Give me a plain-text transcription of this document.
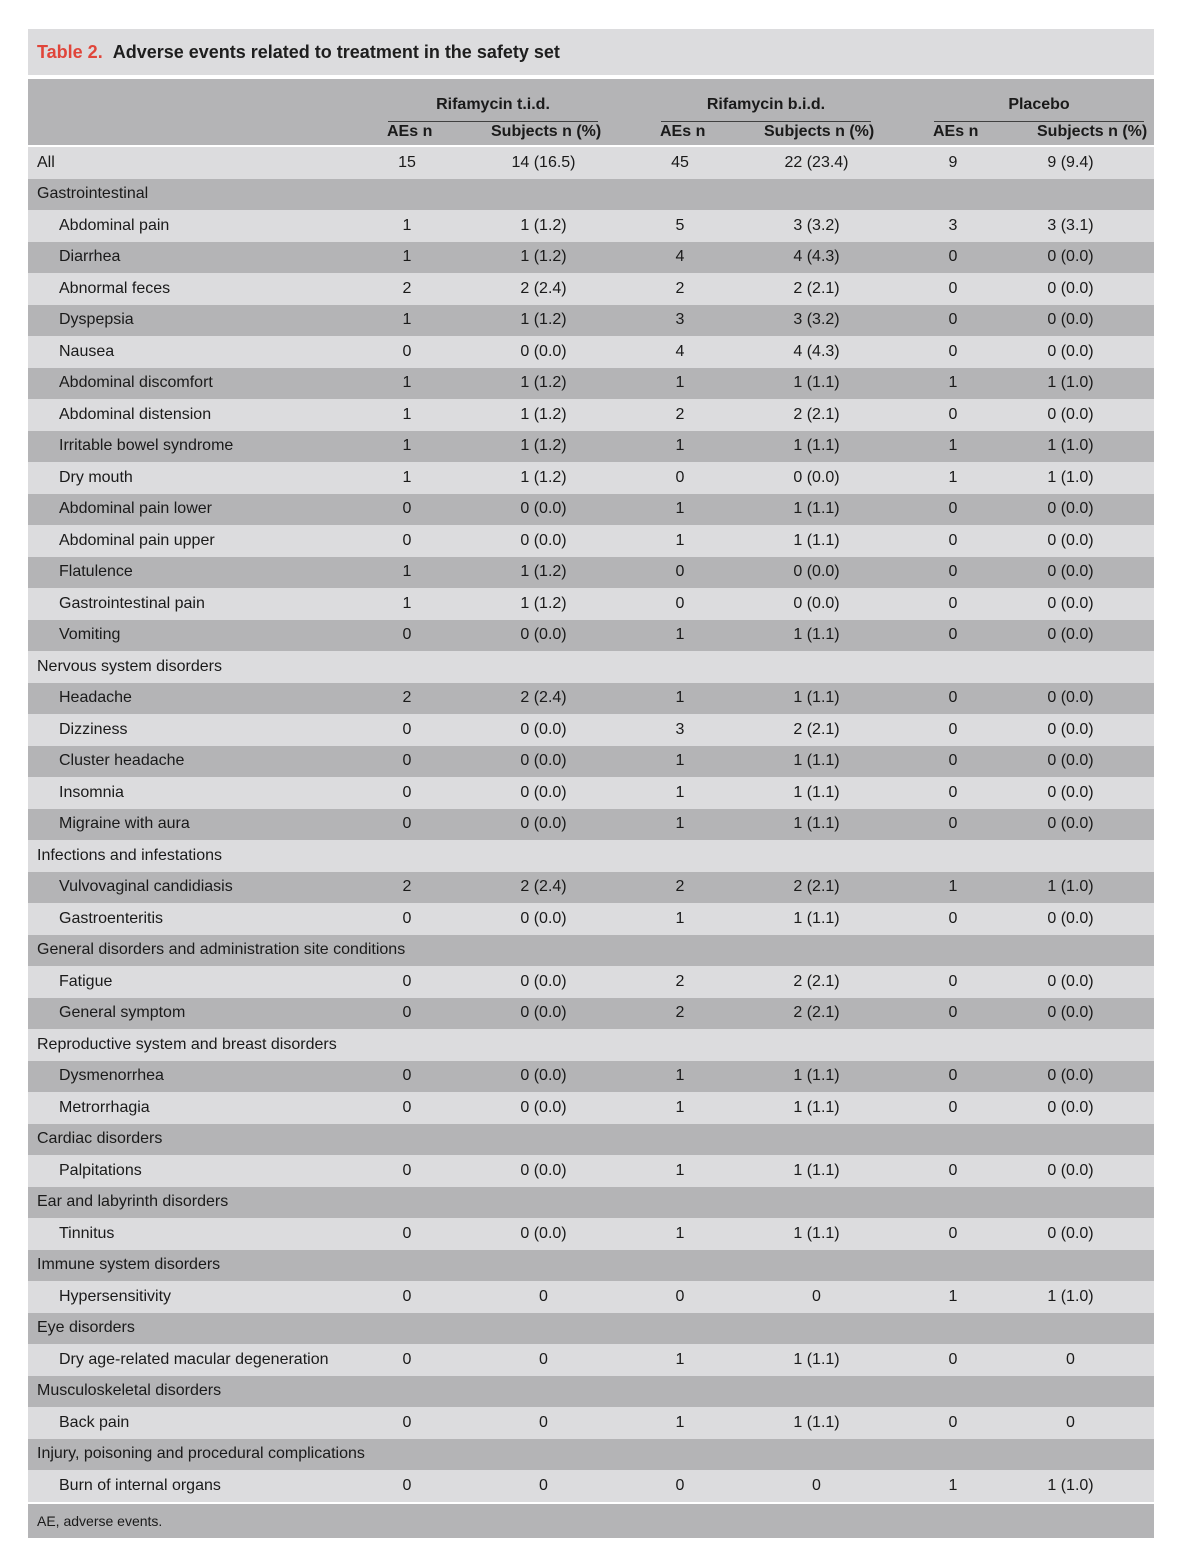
Table 2. Adverse events related to treatment in the safety set
Rifamycin t.i.d.	Rifamycin b.i.d.	Placebo
AEs n	Subjects n (%)	AEs n	Subjects n (%)	AEs n	Subjects n (%)
All	15	14 (16.5)	45	22 (23.4)	9	9 (9.4)
Gastrointestinal						
Abdominal pain	1	1 (1.2)	5	3 (3.2)	3	3 (3.1)
Diarrhea	1	1 (1.2)	4	4 (4.3)	0	0 (0.0)
Abnormal feces	2	2 (2.4)	2	2 (2.1)	0	0 (0.0)
Dyspepsia	1	1 (1.2)	3	3 (3.2)	0	0 (0.0)
Nausea	0	0 (0.0)	4	4 (4.3)	0	0 (0.0)
Abdominal discomfort	1	1 (1.2)	1	1 (1.1)	1	1 (1.0)
Abdominal distension	1	1 (1.2)	2	2 (2.1)	0	0 (0.0)
Irritable bowel syndrome	1	1 (1.2)	1	1 (1.1)	1	1 (1.0)
Dry mouth	1	1 (1.2)	0	0 (0.0)	1	1 (1.0)
Abdominal pain lower	0	0 (0.0)	1	1 (1.1)	0	0 (0.0)
Abdominal pain upper	0	0 (0.0)	1	1 (1.1)	0	0 (0.0)
Flatulence	1	1 (1.2)	0	0 (0.0)	0	0 (0.0)
Gastrointestinal pain	1	1 (1.2)	0	0 (0.0)	0	0 (0.0)
Vomiting	0	0 (0.0)	1	1 (1.1)	0	0 (0.0)
Nervous system disorders						
Headache	2	2 (2.4)	1	1 (1.1)	0	0 (0.0)
Dizziness	0	0 (0.0)	3	2 (2.1)	0	0 (0.0)
Cluster headache	0	0 (0.0)	1	1 (1.1)	0	0 (0.0)
Insomnia	0	0 (0.0)	1	1 (1.1)	0	0 (0.0)
Migraine with aura	0	0 (0.0)	1	1 (1.1)	0	0 (0.0)
Infections and infestations						
Vulvovaginal candidiasis	2	2 (2.4)	2	2 (2.1)	1	1 (1.0)
Gastroenteritis	0	0 (0.0)	1	1 (1.1)	0	0 (0.0)
General disorders and administration site conditions						
Fatigue	0	0 (0.0)	2	2 (2.1)	0	0 (0.0)
General symptom	0	0 (0.0)	2	2 (2.1)	0	0 (0.0)
Reproductive system and breast disorders						
Dysmenorrhea	0	0 (0.0)	1	1 (1.1)	0	0 (0.0)
Metrorrhagia	0	0 (0.0)	1	1 (1.1)	0	0 (0.0)
Cardiac disorders						
Palpitations	0	0 (0.0)	1	1 (1.1)	0	0 (0.0)
Ear and labyrinth disorders						
Tinnitus	0	0 (0.0)	1	1 (1.1)	0	0 (0.0)
Immune system disorders						
Hypersensitivity	0	0	0	0	1	1 (1.0)
Eye disorders						
Dry age-related macular degeneration	0	0	1	1 (1.1)	0	0
Musculoskeletal disorders						
Back pain	0	0	1	1 (1.1)	0	0
Injury, poisoning and procedural complications						
Burn of internal organs	0	0	0	0	1	1 (1.0)
AE, adverse events.
